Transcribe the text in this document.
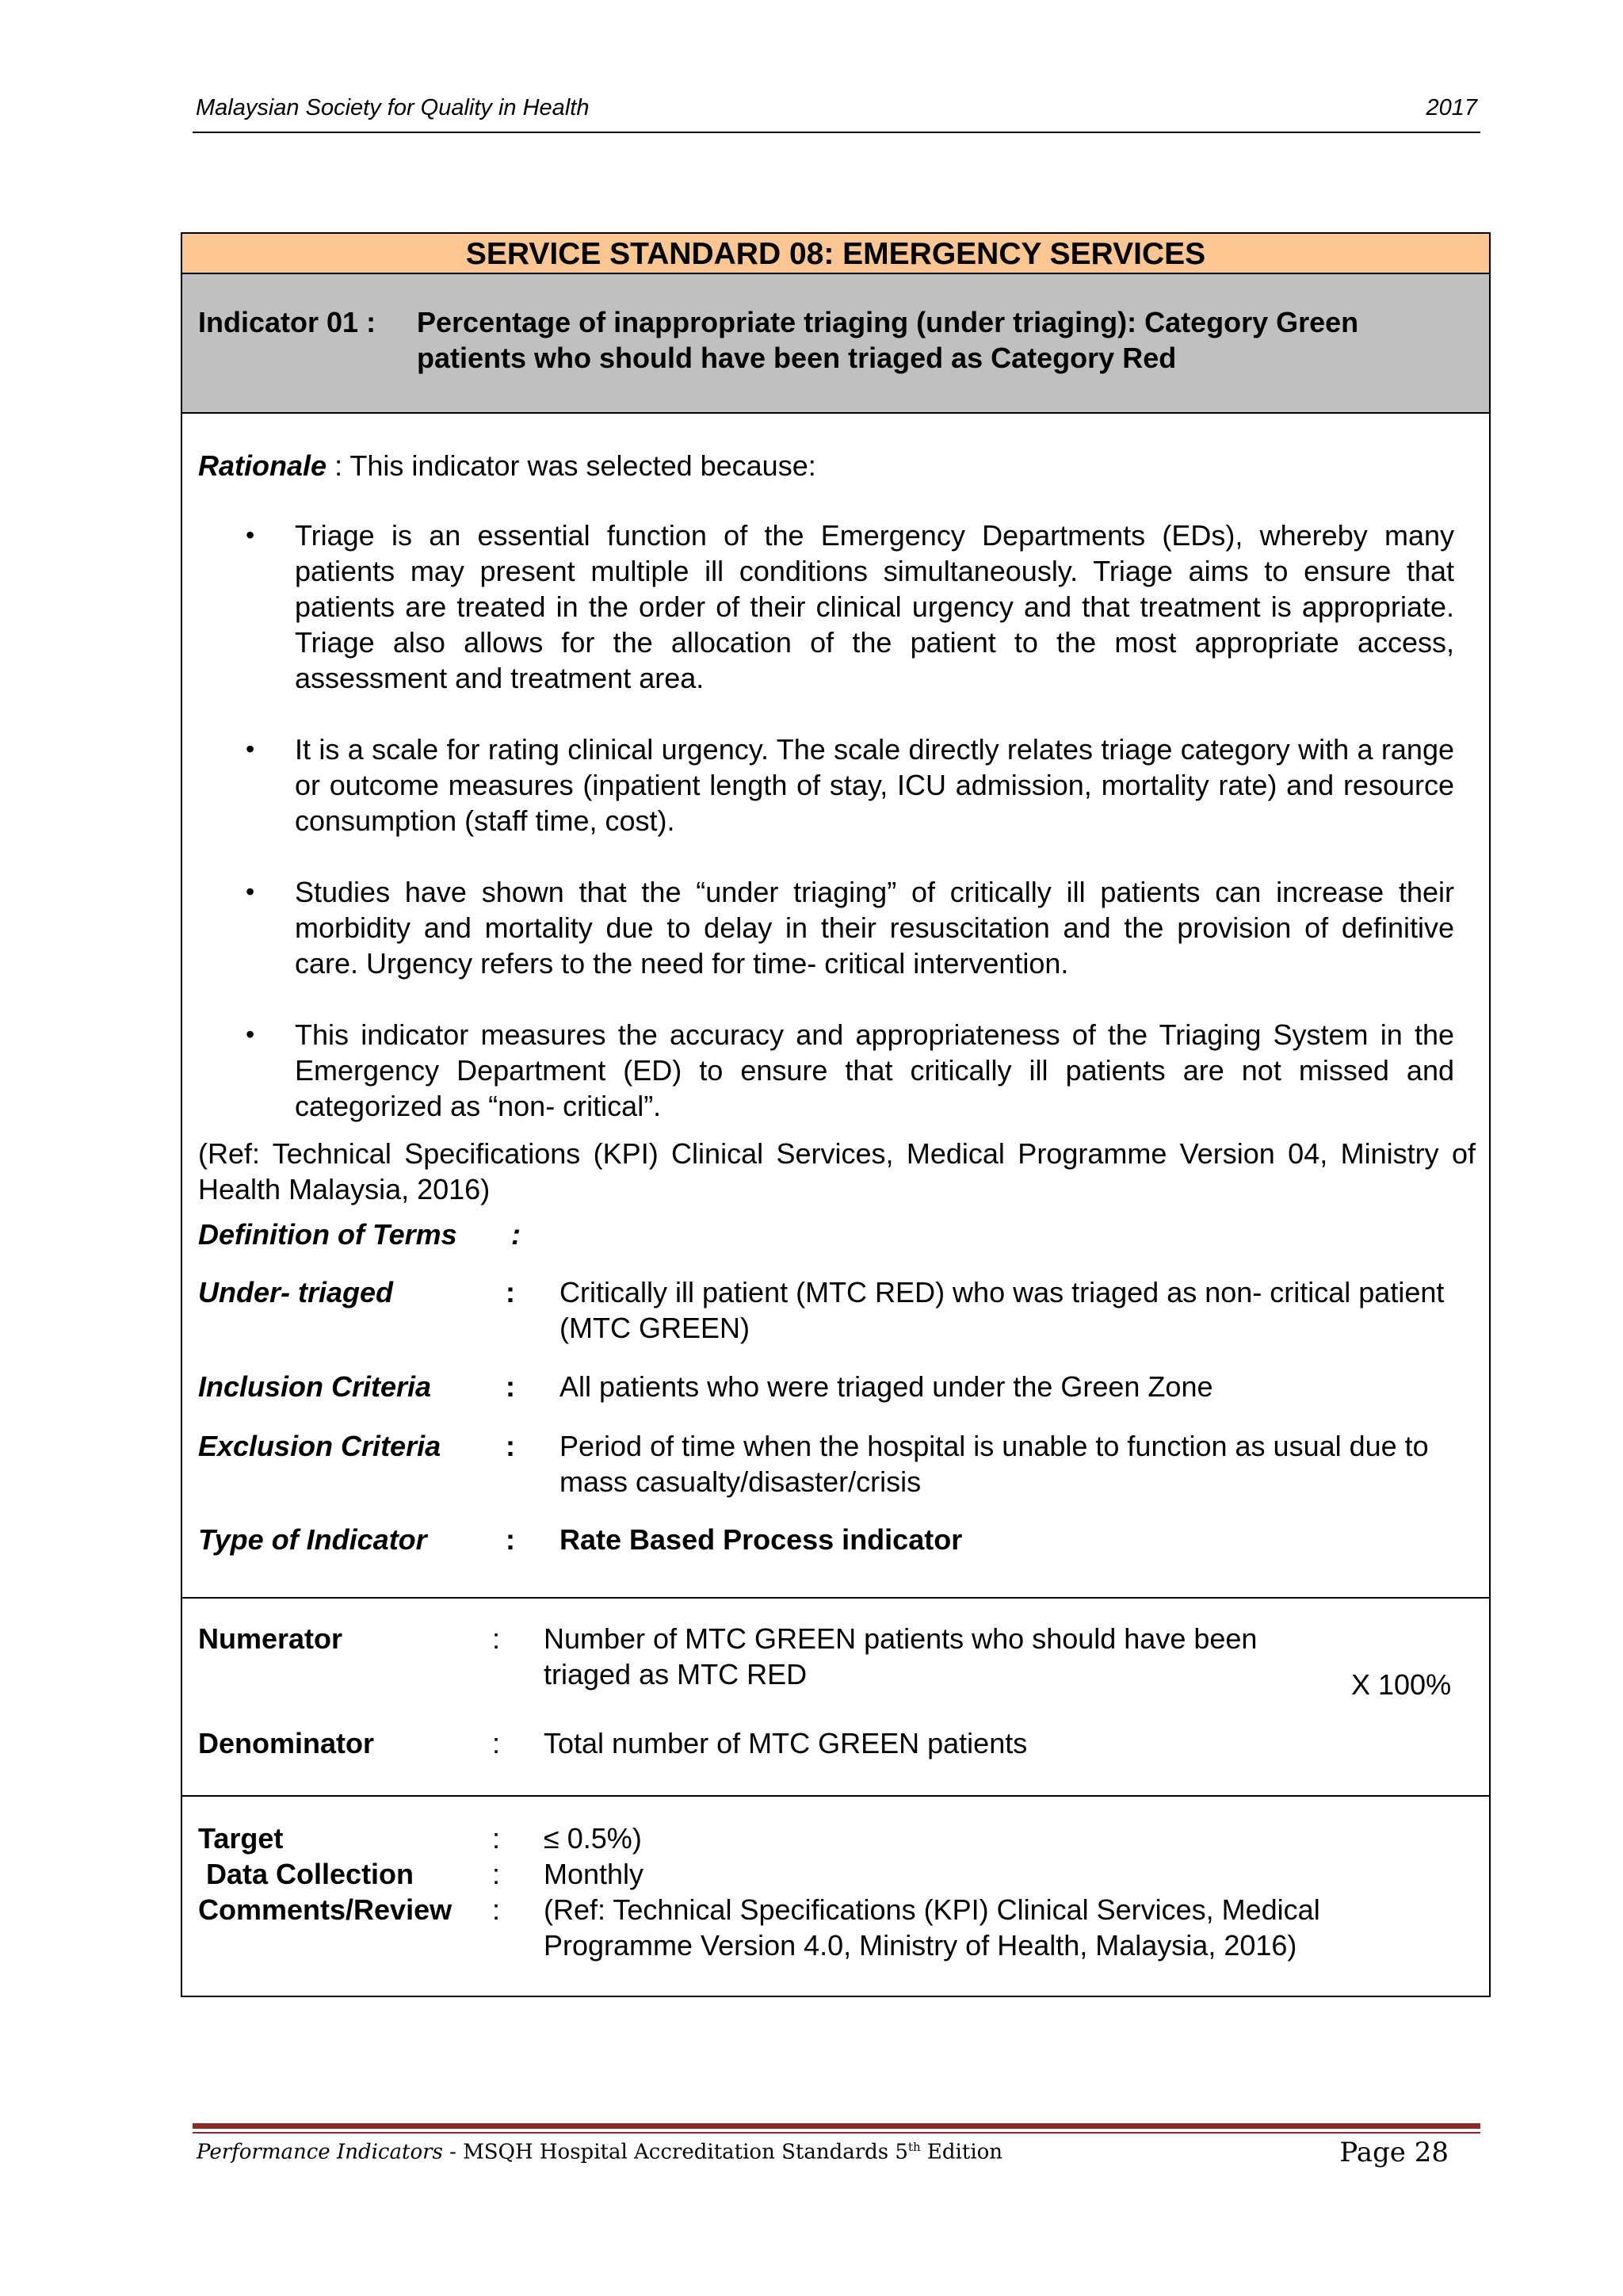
Malaysian Society for Quality in Health	2017
SERVICE STANDARD 08: EMERGENCY SERVICES
Indicator 01 : Percentage of inappropriate triaging (under triaging): Category Green patients who should have been triaged as Category Red
Rationale : This indicator was selected because:
• Triage is an essential function of the Emergency Departments (EDs), whereby many patients may present multiple ill conditions simultaneously. Triage aims to ensure that patients are treated in the order of their clinical urgency and that treatment is appropriate. Triage also allows for the allocation of the patient to the most appropriate access, assessment and treatment area.
• It is a scale for rating clinical urgency. The scale directly relates triage category with a range or outcome measures (inpatient length of stay, ICU admission, mortality rate) and resource consumption (staff time, cost).
• Studies have shown that the “under triaging” of critically ill patients can increase their morbidity and mortality due to delay in their resuscitation and the provision of definitive care. Urgency refers to the need for time- critical intervention.
• This indicator measures the accuracy and appropriateness of the Triaging System in the Emergency Department (ED) to ensure that critically ill patients are not missed and categorized as “non- critical”.
(Ref: Technical Specifications (KPI) Clinical Services, Medical Programme Version 04, Ministry of Health Malaysia, 2016)
Definition of Terms :
Under- triaged	: Critically ill patient (MTC RED) who was triaged as non- critical patient (MTC GREEN)
Inclusion Criteria	: All patients who were triaged under the Green Zone
Exclusion Criteria : Period of time when the hospital is unable to function as usual due to mass casualty/disaster/crisis
Type of Indicator	: Rate Based Process indicator
Numerator	: Number of MTC GREEN patients who should have been triaged as MTC RED	X 100%
Denominator	: Total number of MTC GREEN patients
Target	: ≤ 0.5%)
Data Collection	: Monthly
Comments/Review : (Ref: Technical Specifications (KPI) Clinical Services, Medical Programme Version 4.0, Ministry of Health, Malaysia, 2016)
Performance Indicators - MSQH Hospital Accreditation Standards 5th Edition	Page 28
